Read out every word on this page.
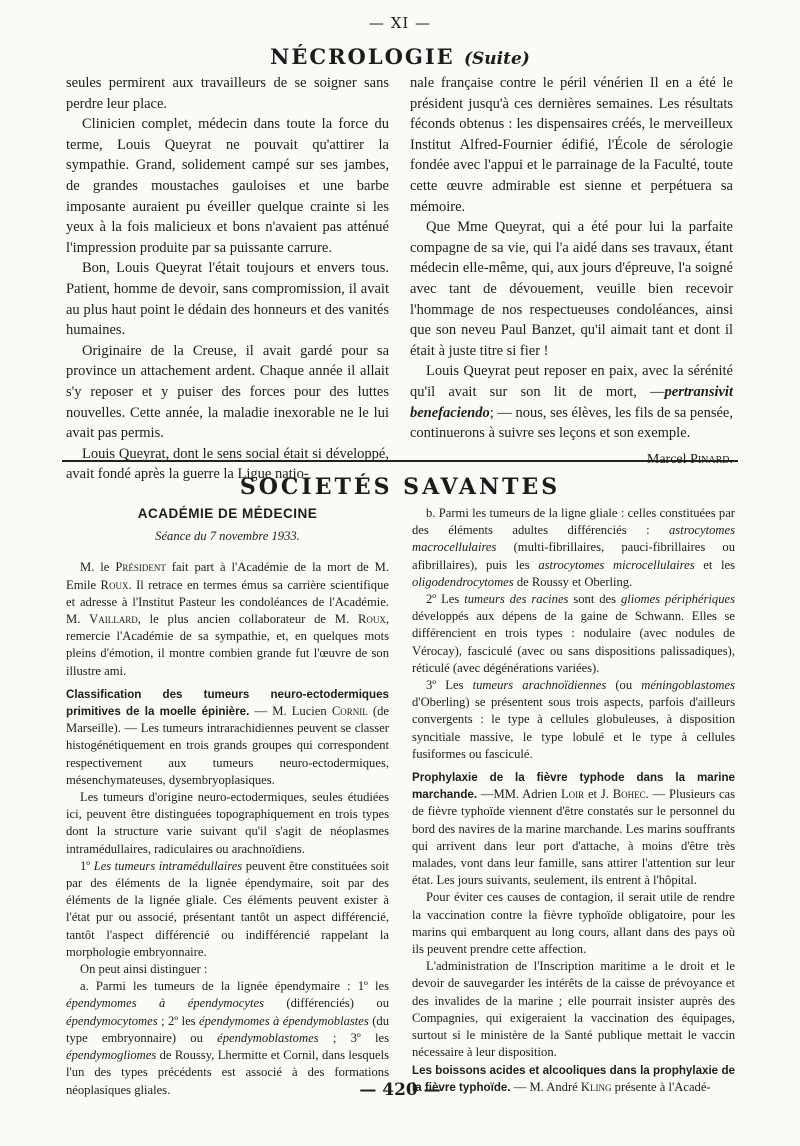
— XI —
NÉCROLOGIE (Suite)

seules permirent aux travailleurs de se soigner sans perdre leur place.

Clinicien complet, médecin dans toute la force du terme, Louis Queyrat ne pouvait qu'attirer la sympathie. Grand, solidement campé sur ses jambes, de grandes moustaches gauloises et une barbe imposante auraient pu éveiller quelque crainte si les yeux à la fois malicieux et bons n'avaient pas atténué l'impression produite par sa puissante carrure.

Bon, Louis Queyrat l'était toujours et envers tous. Patient, homme de devoir, sans compromission, il avait au plus haut point le dédain des honneurs et des vanités humaines.

Originaire de la Creuse, il avait gardé pour sa province un attachement ardent. Chaque année il allait s'y reposer et y puiser des forces pour des luttes nouvelles. Cette année, la maladie inexorable ne le lui avait pas permis.

Louis Queyrat, dont le sens social était si développé, avait fondé après la guerre la Ligue natio-

nale française contre le péril vénérien Il en a été le président jusqu'à ces dernières semaines. Les résultats féconds obtenus : les dispensaires créés, le merveilleux Institut Alfred-Fournier édifié, l'École de sérologie fondée avec l'appui et le parrainage de la Faculté, toute cette œuvre admirable est sienne et perpétuera sa mémoire.

Que Mme Queyrat, qui a été pour lui la parfaite compagne de sa vie, qui l'a aidé dans ses travaux, étant médecin elle-même, qui, aux jours d'épreuve, l'a soigné avec tant de dévouement, veuille bien recevoir l'hommage de nos respectueuses condoléances, ainsi que son neveu Paul Banzet, qu'il aimait tant et dont il était à juste titre si fier !

Louis Queyrat peut reposer en paix, avec la sérénité qu'il avait sur son lit de mort, —pertransivit benefaciendo; — nous, ses élèves, les fils de sa pensée, continuerons à suivre ses leçons et son exemple.

Marcel Pinard.
SOCIETÉS SAVANTES
ACADÉMIE DE MÉDECINE
Séance du 7 novembre 1933.

M. le Président fait part à l'Académie de la mort de M. Emile Roux. Il retrace en termes émus sa carrière scientifique et adresse à l'Institut Pasteur les condoléances de l'Académie. M. Vaillard, le plus ancien collaborateur de M. Roux, remercie l'Académie de sa sympathie, et, en quelques mots pleins d'émotion, il montre combien grande fut l'œuvre de son illustre ami.

Classification des tumeurs neuro-ectodermiques primitives de la moelle épinière. — M. Lucien Cornil (de Marseille). — Les tumeurs intrarachidiennes peuvent se classer histogénétiquement en trois grands groupes qui correspondent respectivement aux tumeurs neuro-ectodermiques, mésenchymateuses, dysembryoplasiques.

Les tumeurs d'origine neuro-ectodermiques, seules étudiées ici, peuvent être distinguées topographiquement en trois types dont la structure varie suivant qu'il s'agit de néoplasmes intramédullaires, radiculaires ou arachnoïdiens.

1º Les tumeurs intramédullaires peuvent être constituées soit par des éléments de la lignée épendymaire, soit par des éléments de la lignée gliale. Ces éléments peuvent exister à l'état pur ou associé, présentant tantôt un aspect différencié, tantôt l'aspect différencié ou indifférencié rappelant la morphologie embryonnaire.

On peut ainsi distinguer :

a. Parmi les tumeurs de la lignée épendymaire : 1º les épendymomes à épendymocytes (différenciés) ou épendymocytomes ; 2º les épendymomes à épendymoblastes (du type embryonnaire) ou épendymoblastomes ; 3º les épendymogliomes de Roussy, Lhermitte et Cornil, dans lesquels l'un des types précédents est associé à des formations néoplasiques gliales.

b. Parmi les tumeurs de la ligne gliale : celles constituées par des éléments adultes différenciés : astrocytomes macrocellulaires (multi-fibrillaires, pauci-fibrillaires ou afibrillaires), puis les astrocytomes microcellulaires et les oligodendrocytomes de Roussy et Oberling.

2º Les tumeurs des racines sont des gliomes périphériques développés aux dépens de la gaine de Schwann. Elles se différencient en trois types : nodulaire (avec nodules de Vérocay), fasciculé (avec ou sans dispositions palissadiques), réticulé (avec dégénérations variées).

3º Les tumeurs arachnoïdiennes (ou méningoblastomes d'Oberling) se présentent sous trois aspects, parfois d'ailleurs convergents : le type à cellules globuleuses, à disposition syncitiale massive, le type lobulé et le type à cellules fusiformes ou fasciculé.

Prophylaxie de la fièvre typhode dans la marine marchande. —MM. Adrien Loir et J. Bohec. — Plusieurs cas de fièvre typhoïde viennent d'être constatés sur le personnel du bord des navires de la marine marchande. Les marins souffrants qui arrivent dans leur port d'attache, à moins d'être très malades, vont dans leur famille, sans attirer l'attention sur leur état. Les jours suivants, seulement, ils entrent à l'hôpital.

Pour éviter ces causes de contagion, il serait utile de rendre la vaccination contre la fièvre typhoïde obligatoire, pour les marins qui embarquent au long cours, allant dans des pays où ils peuvent prendre cette affection.

L'administration de l'Inscription maritime a le droit et le devoir de sauvegarder les intérêts de la caisse de prévoyance et des invalides de la marine ; elle pourrait insister auprès des Compagnies, qui exigeraient la vaccination des équipages, surtout si le ministère de la Santé publique mettait le vaccin nécessaire à leur disposition.

Les boissons acides et alcooliques dans la prophylaxie de la fièvre typhoïde. — M. André Kling présente à l'Acadé-

— 420 —
